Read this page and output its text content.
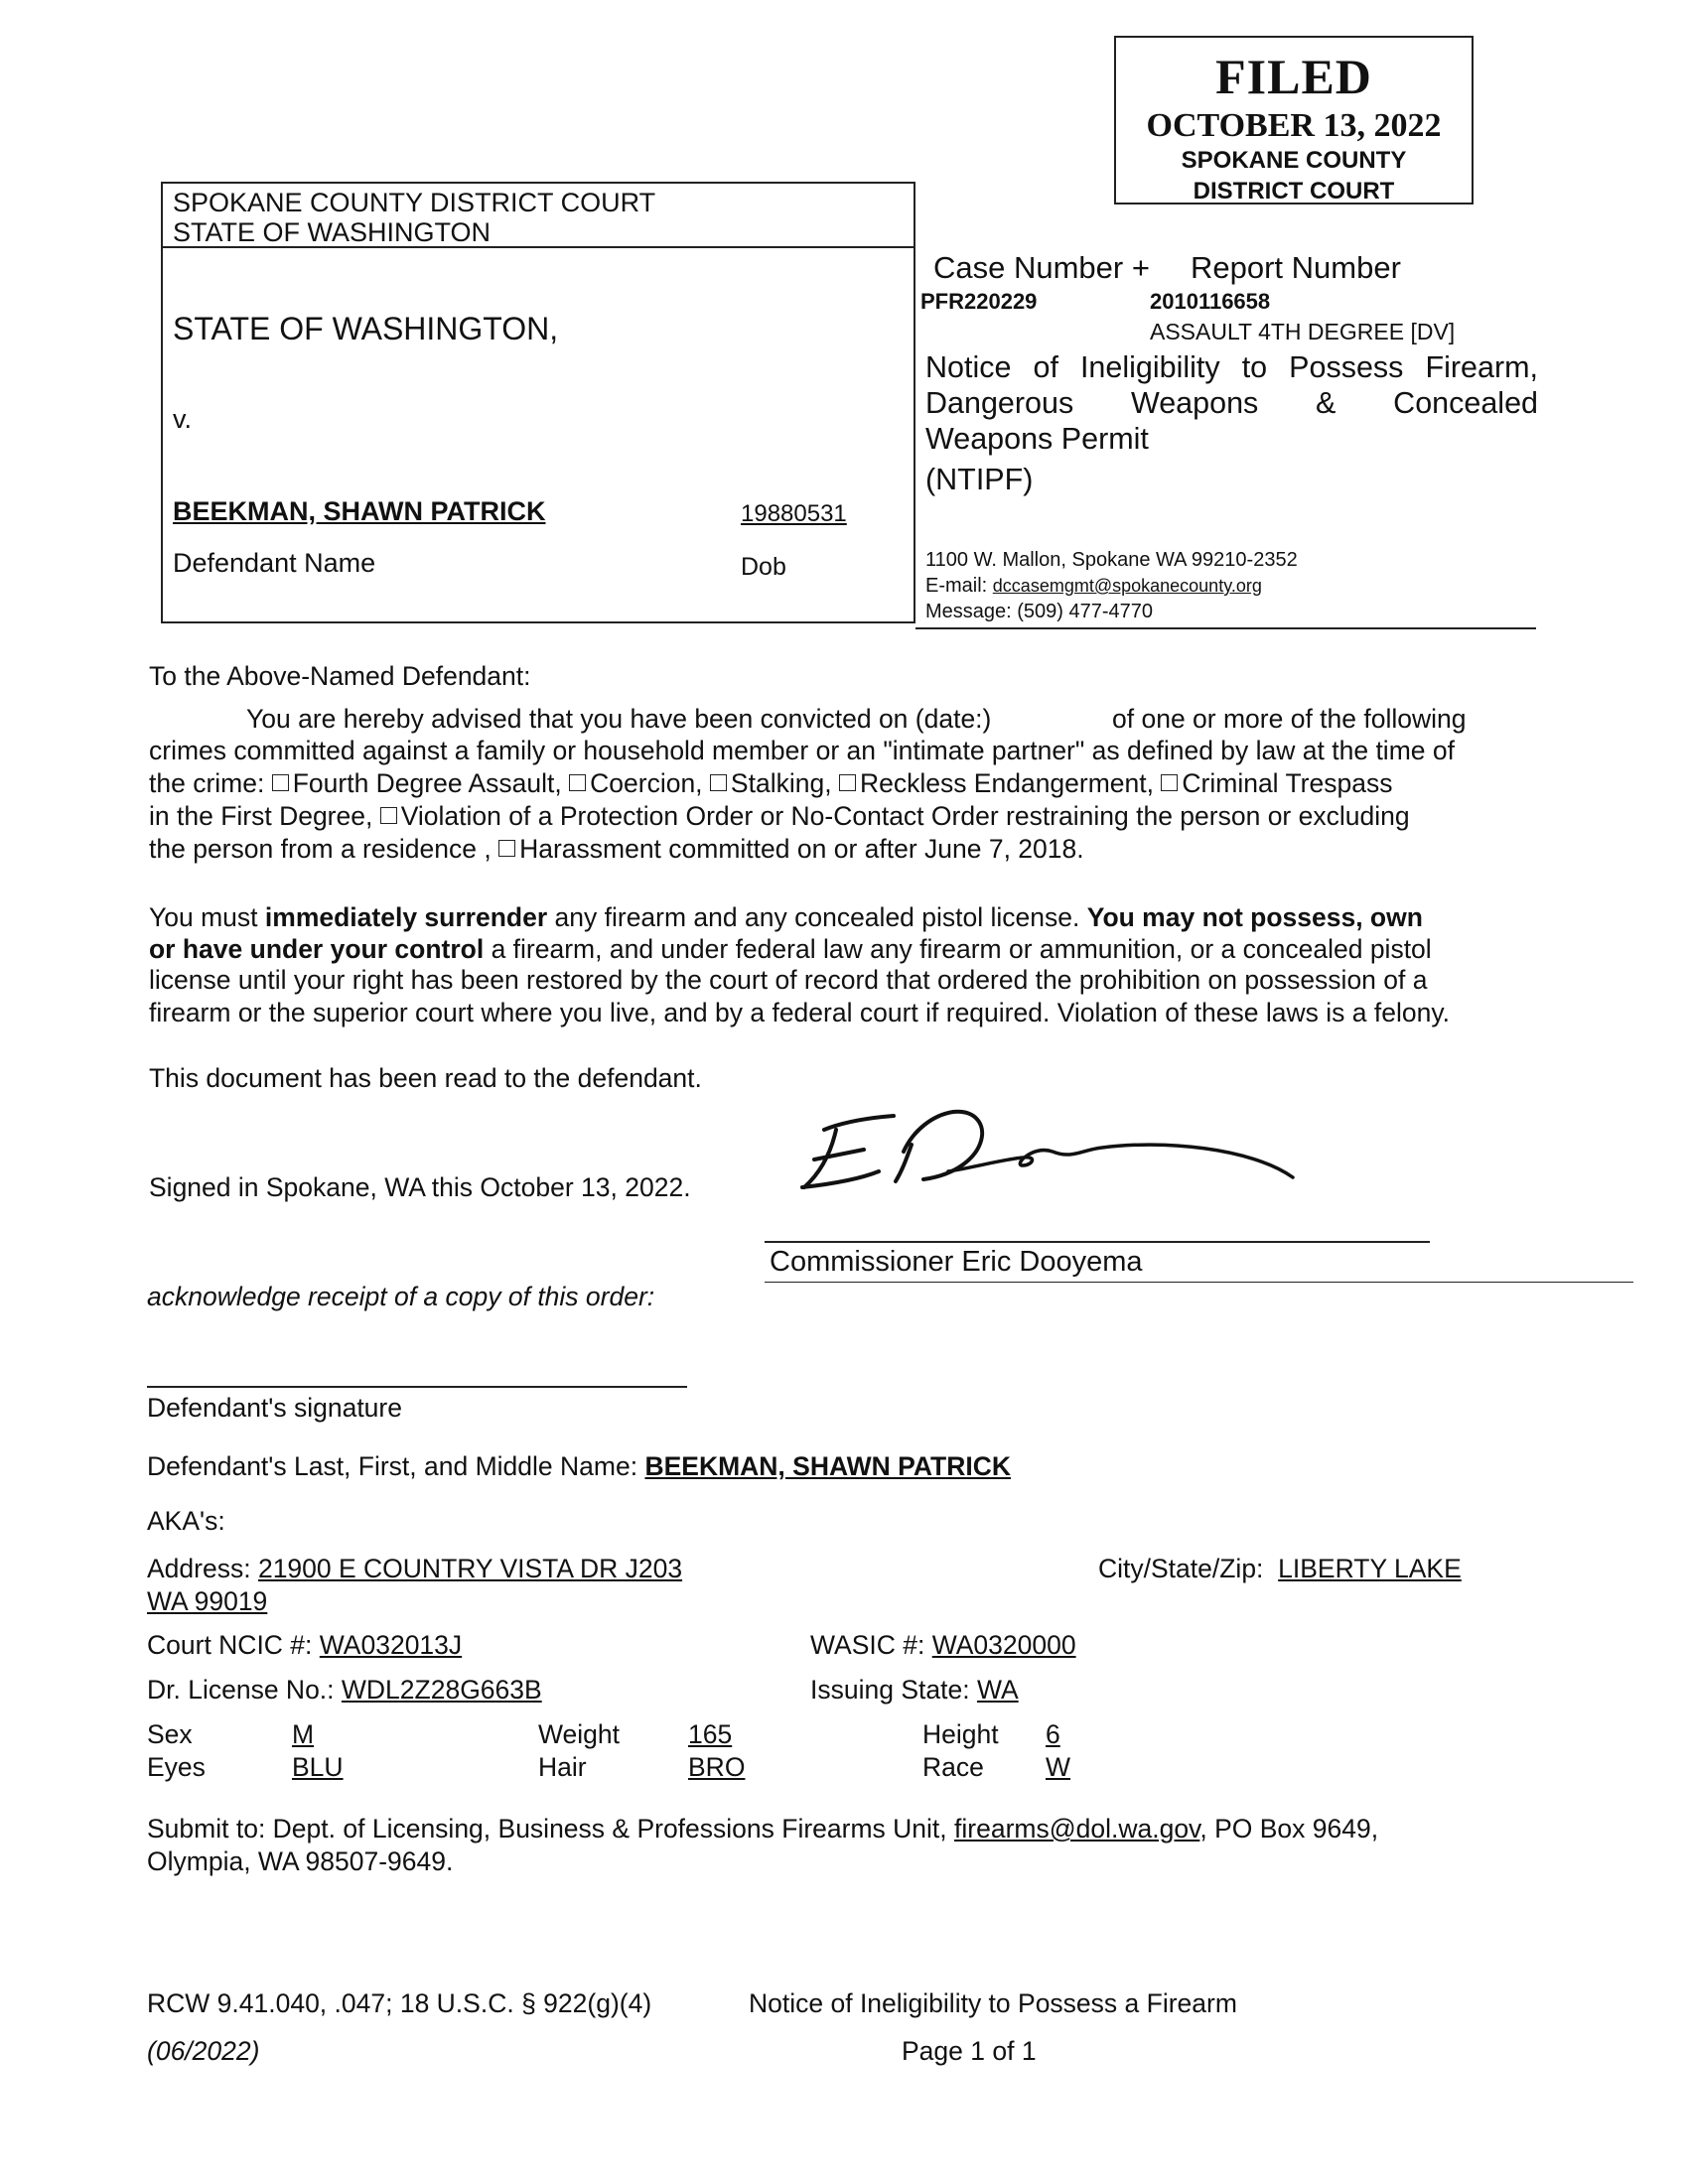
FILED
OCTOBER 13, 2022
SPOKANE COUNTY
DISTRICT COURT
SPOKANE COUNTY DISTRICT COURT
STATE OF WASHINGTON
STATE OF WASHINGTON,
v.
BEEKMAN, SHAWN PATRICK	19880531
Defendant Name	Dob
Case Number + Report Number
PFR220229	2010116658
ASSAULT 4TH DEGREE [DV]
Notice of Ineligibility to Possess Firearm,
Dangerous Weapons & Concealed
Weapons Permit
(NTIPF)
1100 W. Mallon, Spokane WA 99210-2352
E-mail: dccasemgmt@spokanecounty.org
Message: (509) 477-4770
To the Above-Named Defendant:
You are hereby advised that you have been convicted on (date:)	of one or more of the following
crimes committed against a family or household member or an "intimate partner" as defined by law at the time of
the crime: Fourth Degree Assault, Coercion, Stalking, Reckless Endangerment, Criminal Trespass
in the First Degree, Violation of a Protection Order or No-Contact Order restraining the person or excluding
the person from a residence , Harassment committed on or after June 7, 2018.
You must immediately surrender any firearm and any concealed pistol license. You may not possess, own
or have under your control a firearm, and under federal law any firearm or ammunition, or a concealed pistol
license until your right has been restored by the court of record that ordered the prohibition on possession of a
firearm or the superior court where you live, and by a federal court if required. Violation of these laws is a felony.
This document has been read to the defendant.
Signed in Spokane, WA this October 13, 2022.
Commissioner Eric Dooyema
acknowledge receipt of a copy of this order:
Defendant's signature
Defendant's Last, First, and Middle Name: BEEKMAN, SHAWN PATRICK
AKA's:
Address: 21900 E COUNTRY VISTA DR J203
WA 99019
City/State/Zip: LIBERTY LAKE
Court NCIC #: WA032013J	WASIC #: WA0320000
Dr. License No.: WDL2Z28G663B	Issuing State: WA
Sex	M	Weight	165	Height 6
Eyes	BLU	Hair	BRO	Race W
Submit to: Dept. of Licensing, Business & Professions Firearms Unit, firearms@dol.wa.gov, PO Box 9649,
Olympia, WA 98507-9649.
RCW 9.41.040, .047; 18 U.S.C. § 922(g)(4)	Notice of Ineligibility to Possess a Firearm
(06/2022)	Page 1 of 1
